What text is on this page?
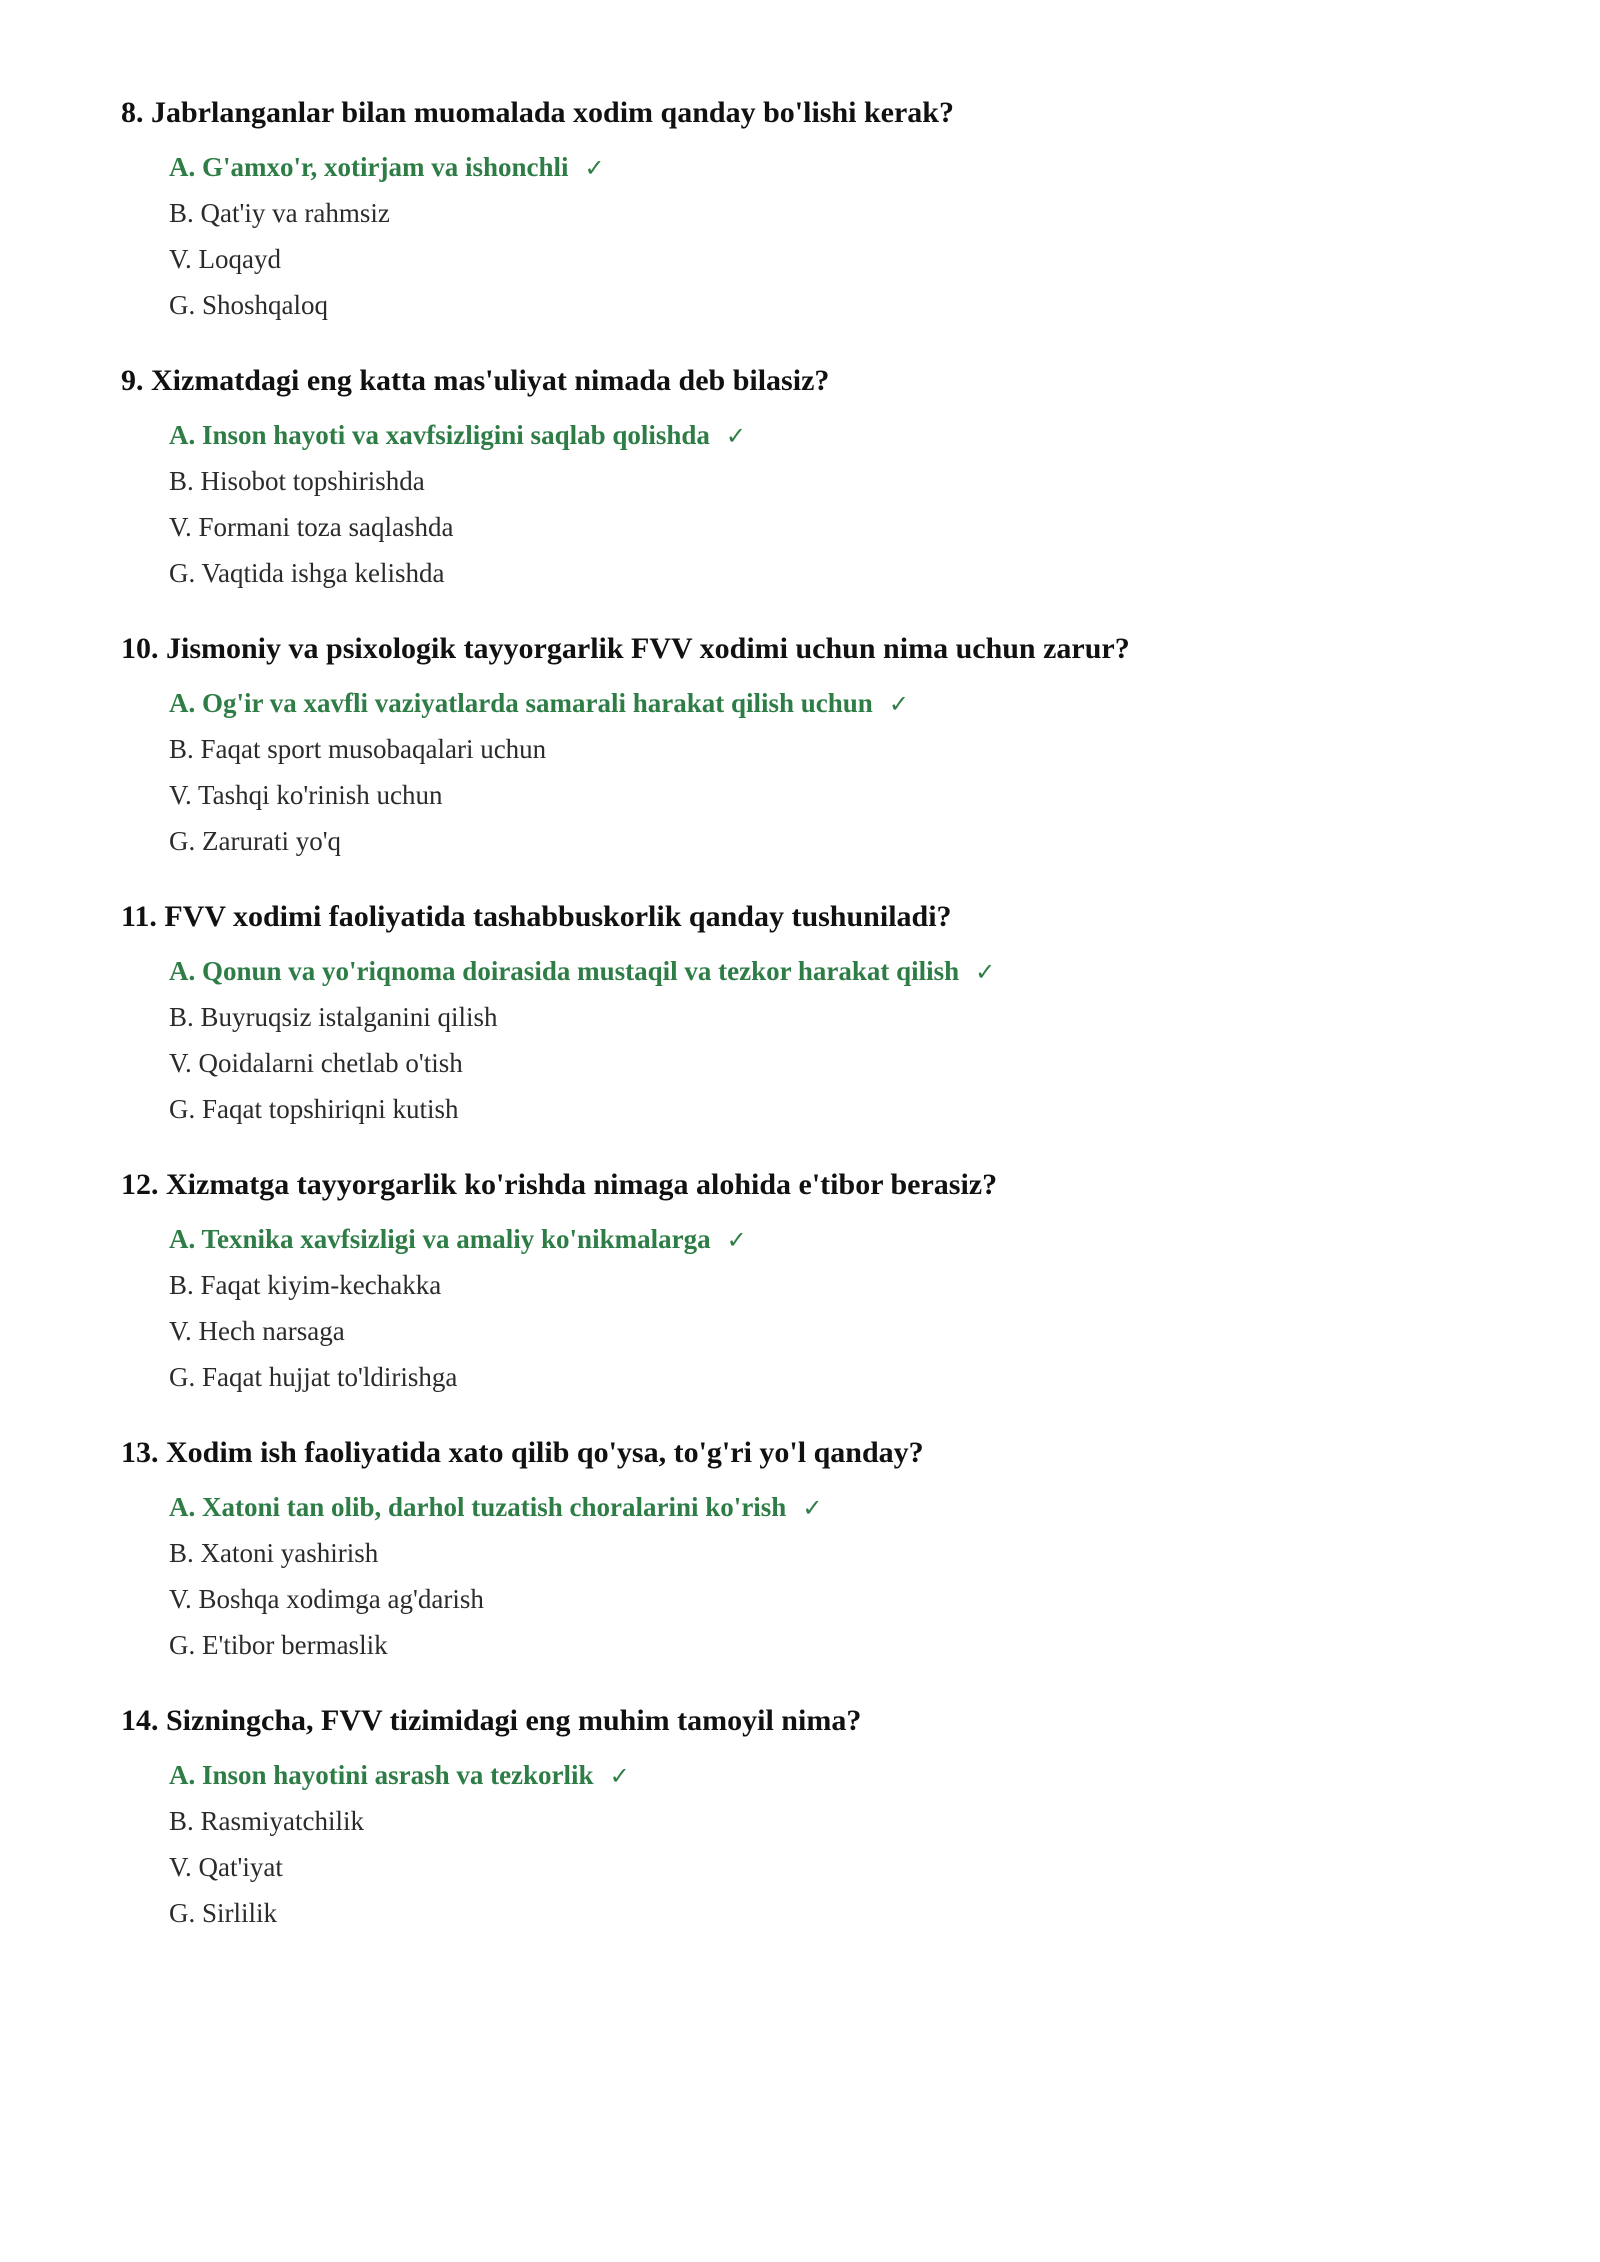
8. Jabrlanganlar bilan muomalada xodim qanday bo'lishi kerak?
A. G'amxo'r, xotirjam va ishonchli ✓
B. Qat'iy va rahmsiz
V. Loqayd
G. Shoshqaloq
9. Xizmatdagi eng katta mas'uliyat nimada deb bilasiz?
A. Inson hayoti va xavfsizligini saqlab qolishda ✓
B. Hisobot topshirishda
V. Formani toza saqlashda
G. Vaqtida ishga kelishda
10. Jismoniy va psixologik tayyorgarlik FVV xodimi uchun nima uchun zarur?
A. Og'ir va xavfli vaziyatlarda samarali harakat qilish uchun ✓
B. Faqat sport musobaqalari uchun
V. Tashqi ko'rinish uchun
G. Zarurati yo'q
11. FVV xodimi faoliyatida tashabbuskorlik qanday tushuniladi?
A. Qonun va yo'riqnoma doirasida mustaqil va tezkor harakat qilish ✓
B. Buyruqsiz istalganini qilish
V. Qoidalarni chetlab o'tish
G. Faqat topshiriqni kutish
12. Xizmatga tayyorgarlik ko'rishda nimaga alohida e'tibor berasiz?
A. Texnika xavfsizligi va amaliy ko'nikmalarga ✓
B. Faqat kiyim-kechakka
V. Hech narsaga
G. Faqat hujjat to'ldirishga
13. Xodim ish faoliyatida xato qilib qo'ysa, to'g'ri yo'l qanday?
A. Xatoni tan olib, darhol tuzatish choralarini ko'rish ✓
B. Xatoni yashirish
V. Boshqa xodimga ag'darish
G. E'tibor bermaslik
14. Sizningcha, FVV tizimidagi eng muhim tamoyil nima?
A. Inson hayotini asrash va tezkorlik ✓
B. Rasmiyatchilik
V. Qat'iyat
G. Sirlilik
